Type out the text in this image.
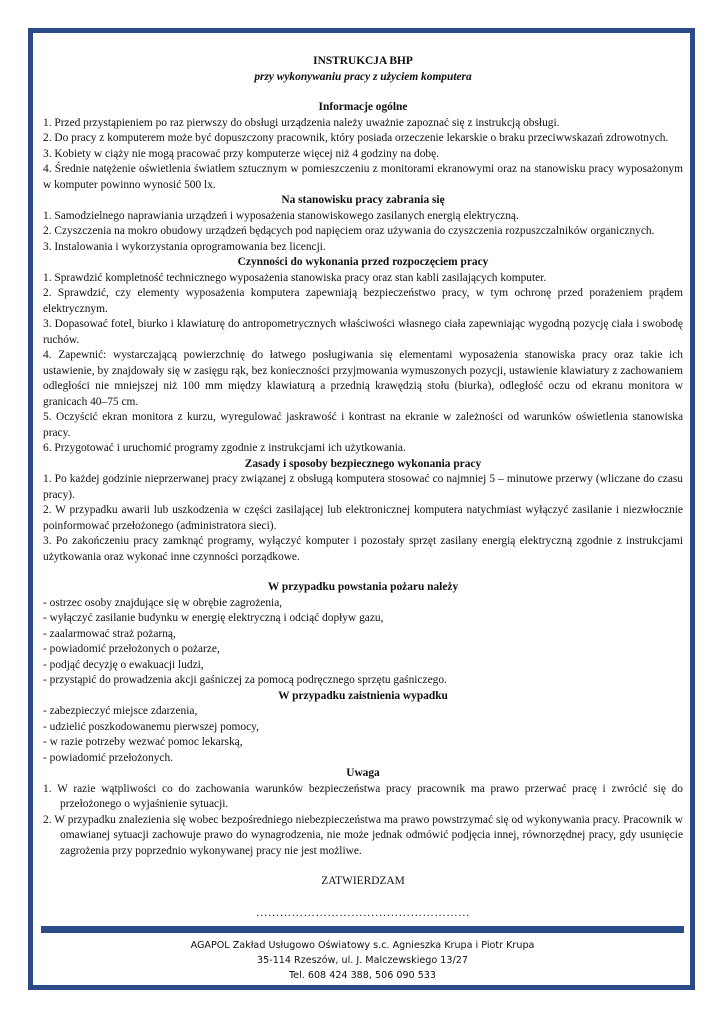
INSTRUKCJA BHP
przy wykonywaniu pracy z użyciem komputera
Informacje ogólne

1. Przed przystąpieniem po raz pierwszy do obsługi urządzenia należy uważnie zapoznać się z instrukcją obsługi.

2. Do pracy z komputerem może być dopuszczony pracownik, który posiada orzeczenie lekarskie o braku przeciwwskazań zdrowotnych.

3. Kobiety w ciąży nie mogą pracować przy komputerze więcej niż 4 godziny na dobę.

4. Średnie natężenie oświetlenia światłem sztucznym w pomieszczeniu z monitorami ekranowymi oraz na stanowisku pracy wyposażonym w komputer powinno wynosić 500 lx.

Na stanowisku pracy zabrania się

1. Samodzielnego naprawiania urządzeń i wyposażenia stanowiskowego zasilanych energią elektryczną.

2. Czyszczenia na mokro obudowy urządzeń będących pod napięciem oraz używania do czyszczenia rozpuszczalników organicznych.

3. Instalowania i wykorzystania oprogramowania bez licencji.

Czynności do wykonania przed rozpoczęciem pracy

1. Sprawdzić kompletność technicznego wyposażenia stanowiska pracy oraz stan kabli zasilających komputer.

2. Sprawdzić, czy elementy wyposażenia komputera zapewniają bezpieczeństwo pracy, w tym ochronę przed porażeniem prądem elektrycznym.

3. Dopasować fotel, biurko i klawiaturę do antropometrycznych właściwości własnego ciała zapewniając wygodną pozycję ciała i swobodę ruchów.

4. Zapewnić: wystarczającą powierzchnię do łatwego posługiwania się elementami wyposażenia stanowiska pracy oraz takie ich ustawienie, by znajdowały się w zasięgu rąk, bez konieczności przyjmowania wymuszonych pozycji, ustawienie klawiatury z zachowaniem odległości nie mniejszej niż 100 mm między klawiaturą a przednią krawędzią stołu (biurka), odległość oczu od ekranu monitora w granicach 40–75 cm.

5. Oczyścić ekran monitora z kurzu, wyregulować jaskrawość i kontrast na ekranie w zależności od warunków oświetlenia stanowiska pracy.

6. Przygotować i uruchomić programy zgodnie z instrukcjami ich użytkowania.

Zasady i sposoby bezpiecznego wykonania pracy

1. Po każdej godzinie nieprzerwanej pracy związanej z obsługą komputera stosować co najmniej 5 – minutowe przerwy (wliczane do czasu pracy).

2. W przypadku awarii lub uszkodzenia w części zasilającej lub elektronicznej komputera natychmiast wyłączyć zasilanie i niezwłocznie poinformować przełożonego (administratora sieci).

3. Po zakończeniu pracy zamknąć programy, wyłączyć komputer i pozostały sprzęt zasilany energią elektryczną zgodnie z instrukcjami użytkowania oraz wykonać inne czynności porządkowe.

W przypadku powstania pożaru należy

- ostrzec osoby znajdujące się w obrębie zagrożenia,

- wyłączyć zasilanie budynku w energię elektryczną i odciąć dopływ gazu,

- zaalarmować straż pożarną,

- powiadomić przełożonych o pożarze,

- podjąć decyzję o ewakuacji ludzi,

- przystąpić do prowadzenia akcji gaśniczej za pomocą podręcznego sprzętu gaśniczego.

W przypadku zaistnienia wypadku

- zabezpieczyć miejsce zdarzenia,

- udzielić poszkodowanemu pierwszej pomocy,

- w razie potrzeby wezwać pomoc lekarską,

- powiadomić przełożonych.

Uwaga

1. W razie wątpliwości co do zachowania warunków bezpieczeństwa pracy pracownik ma prawo przerwać pracę i zwrócić się do przełożonego o wyjaśnienie sytuacji.

2. W przypadku znalezienia się wobec bezpośredniego niebezpieczeństwa ma prawo powstrzymać się od wykonywania pracy. Pracownik w omawianej sytuacji zachowuje prawo do wynagrodzenia, nie może jednak odmówić podjęcia innej, równorzędnej pracy, gdy usunięcie zagrożenia przy poprzednio wykonywanej pracy nie jest możliwe.

ZATWIERDZAM
………………………………………………
AGAPOL Zakład Usługowo Oświatowy s.c. Agnieszka Krupa i Piotr Krupa
35-114 Rzeszów, ul. J. Malczewskiego 13/27
Tel. 608 424 388, 506 090 533
